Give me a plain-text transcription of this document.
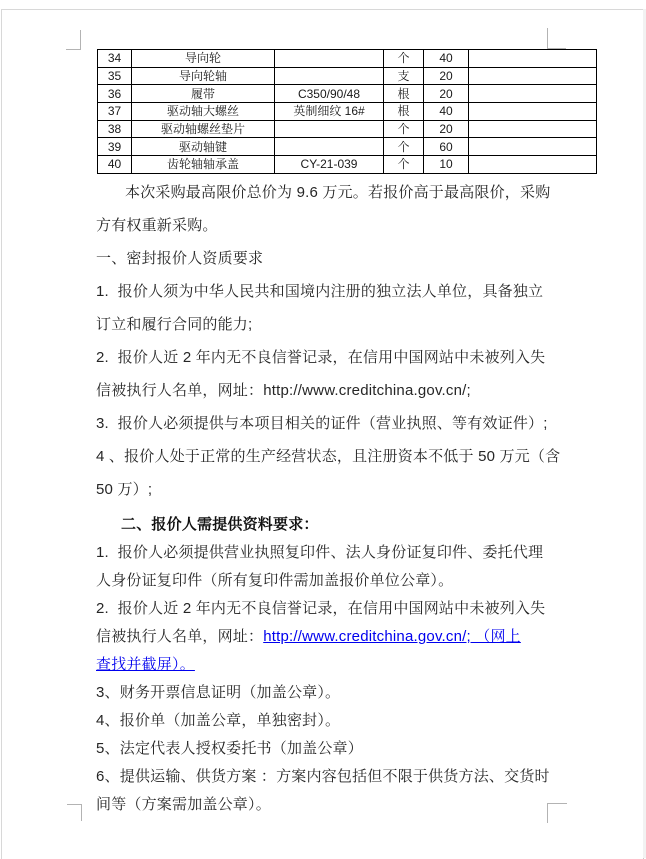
34	导向轮		个	40	
35	导向轮轴		支	20	
36	履带	C350/90/48	根	20	
37	驱动轴大螺丝	英制细纹 16#	根	40	
38	驱动轴螺丝垫片		个	20	
39	驱动轴键		个	60	
40	齿轮轴轴承盖	CY-21-039	个	10	
本次采购最高限价总价为 9.6 万元。若报价高于最高限价，采购
方有权重新采购。
一、密封报价人资质要求
1.  报价人须为中华人民共和国境内注册的独立法人单位，具备独立
订立和履行合同的能力;
2.  报价人近 2 年内无不良信誉记录，在信用中国网站中未被列入失
信被执行人名单，网址：http://www.creditchina.gov.cn/;
3.  报价人必须提供与本项目相关的证件（营业执照、等有效证件）;
4 、报价人处于正常的生产经营状态，且注册资本不低于 50 万元（含
50 万）;
二、报价人需提供资料要求：
1.  报价人必须提供营业执照复印件、法人身份证复印件、委托代理
人身份证复印件（所有复印件需加盖报价单位公章）。
2.  报价人近 2 年内无不良信誉记录，在信用中国网站中未被列入失
信被执行人名单，网址：http://www.creditchina.gov.cn/; （网上
查找并截屏）。
3、财务开票信息证明（加盖公章）。
4、报价单（加盖公章，单独密封）。
5、法定代表人授权委托书（加盖公章）
6、提供运输、供货方案 ：方案内容包括但不限于供货方法、交货时
间等（方案需加盖公章）。
